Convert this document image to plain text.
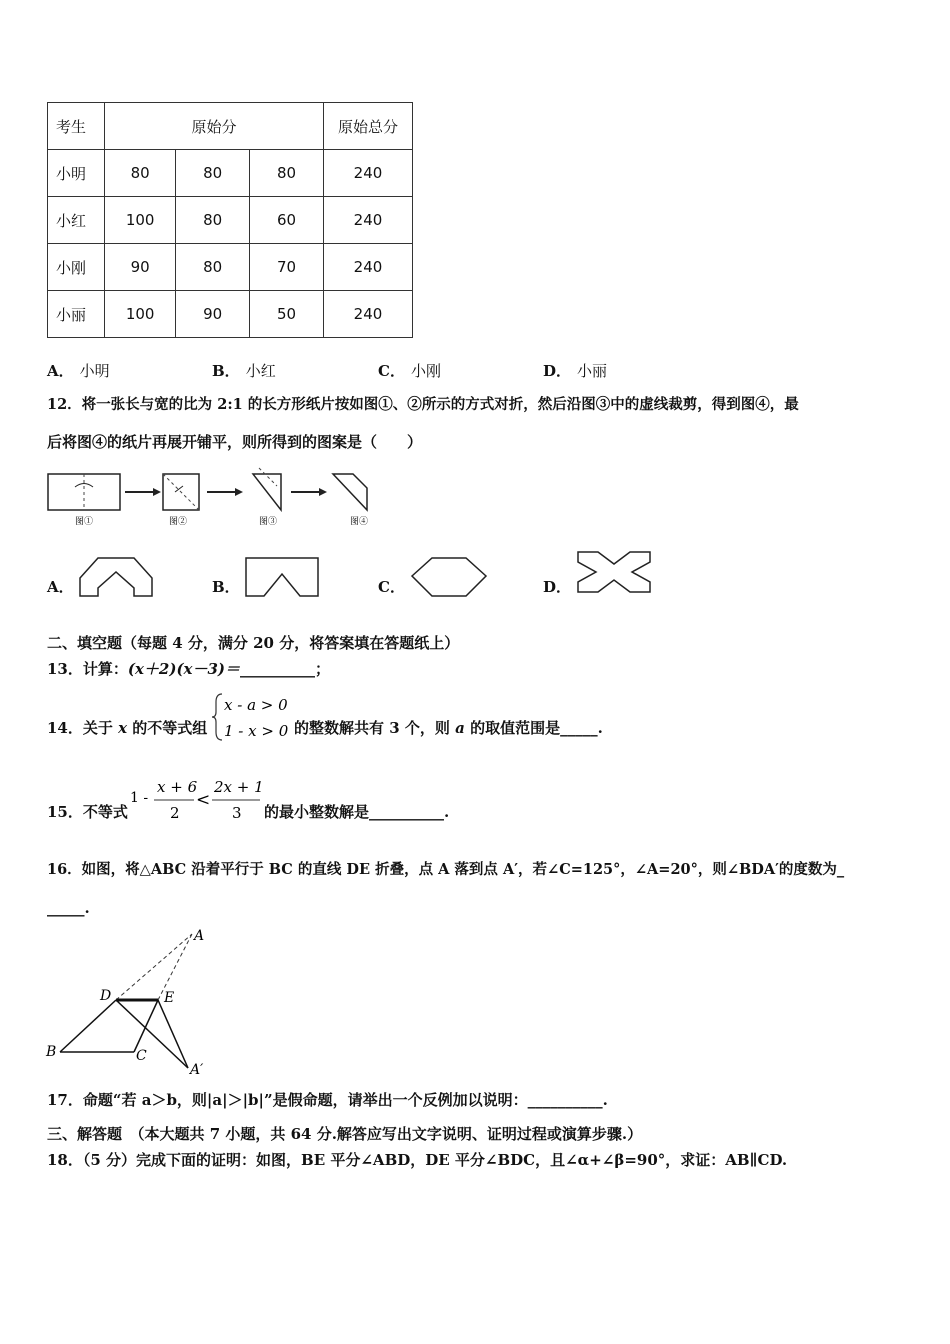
考生	原始分			原始总分
小明	80	80	80	240
小红	100	80	60	240
小刚	90	80	70	240
小丽	100	90	50	240
A． 小明	B． 小红	C． 小刚	D． 小丽
12．将一张长与宽的比为 2:1 的长方形纸片按如图①、②所示的方式对折，然后沿图③中的虚线裁剪，得到图④，最
后将图④的纸片再展开铺平，则所得到的图案是（　　）
图①	图②	图③	图④
A．	B．	C．	D．
二、填空题（每题 4 分，满分 20 分，将答案填在答题纸上）
13．计算：(x＋2)(x－3)＝__________；
14．关于 x 的不等式组
x - a > 0
1 - x > 0 的整数解共有 3 个，则 a 的取值范围是_____.
15．不等式
1 -
x + 6
2
<
2x + 1
3 的最小整数解是__________.
16．如图，将△ABC 沿着平行于 BC 的直线 DE 折叠，点 A 落到点 A′，若∠C=125°，∠A=20°，则∠BDA′的度数为_
_____.
A
D	E
B	C
A′
17．命题“若 a＞b，则|a|＞|b|”是假命题，请举出一个反例加以说明：__________.
三、解答题　（本大题共 7 小题，共 64 分.解答应写出文字说明、证明过程或演算步骤.）
18．（5 分）完成下面的证明：如图，BE 平分∠ABD，DE 平分∠BDC，且∠α+∠β=90°，求证：AB∥CD.
